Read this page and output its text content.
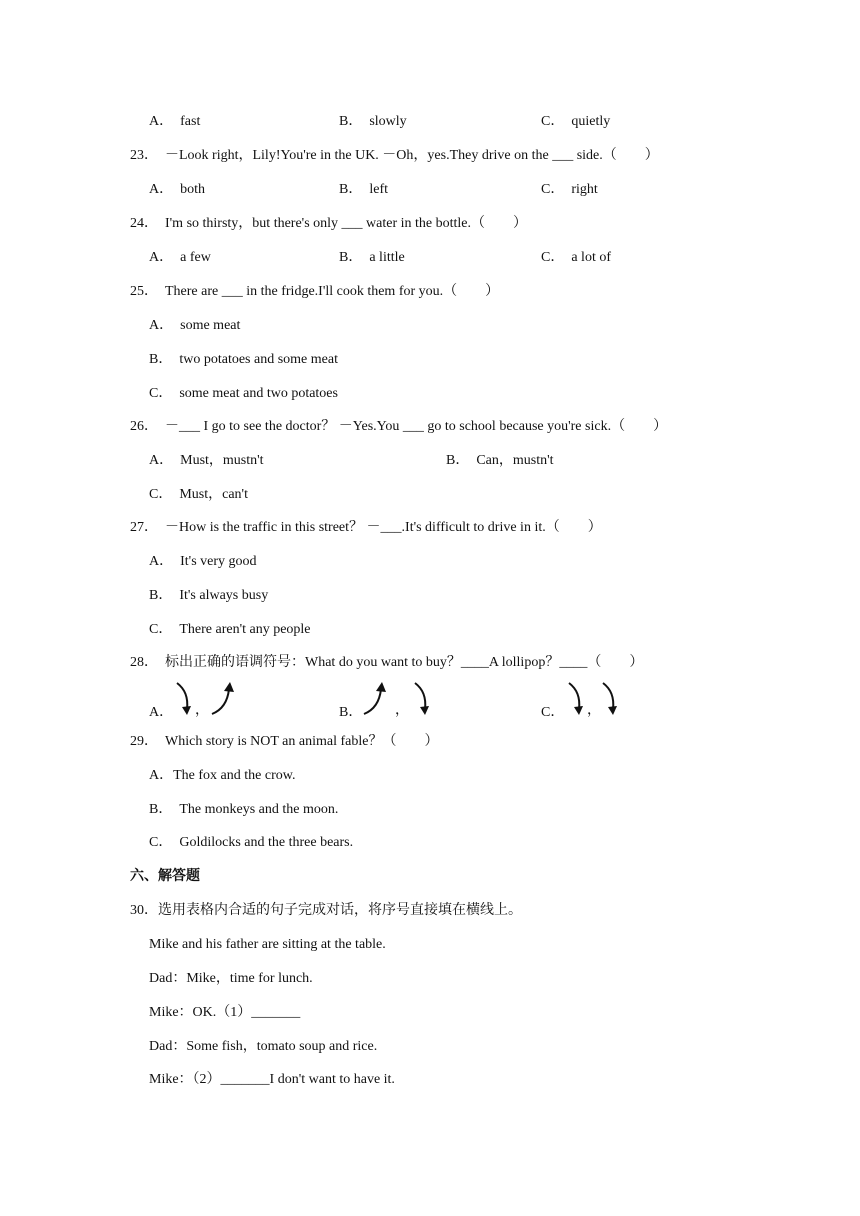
A． fast	B． slowly	C． quietly
23． －Look right，Lily!You're in the UK. －Oh，yes.They drive on the ___ side.（　　）
A． both	B． left	C． right
24． I'm so thirsty，but there's only ___ water in the bottle.（　　）
A． a few	B． a little	C． a lot of
25． There are ___ in the fridge.I'll cook them for you.（　　）
A． some meat
B． two potatoes and some meat
C． some meat and two potatoes
26． －___ I go to see the doctor？ －Yes.You ___ go to school because you're sick.（　　）
A． Must，mustn't	B． Can，mustn't
C． Must，can't
27． －How is the traffic in this street？ －___.It's difficult to drive in it.（　　）
A． It's very good
B． It's always busy
C． There aren't any people
28． 标出正确的语调符号：What do you want to buy？____A lollipop？____（　　）
A． ，	B． ，	C． ，
29． Which story is NOT an animal fable？（　　）
A．The fox and the crow.
B． The monkeys and the moon.
C． Goldilocks and the three bears.
六、解答题
30．选用表格内合适的句子完成对话，将序号直接填在横线上。
Mike and his father are sitting at the table.
Dad：Mike，time for lunch.
Mike：OK.（1）_______
Dad：Some fish，tomato soup and rice.
Mike：（2）_______I don't want to have it.
